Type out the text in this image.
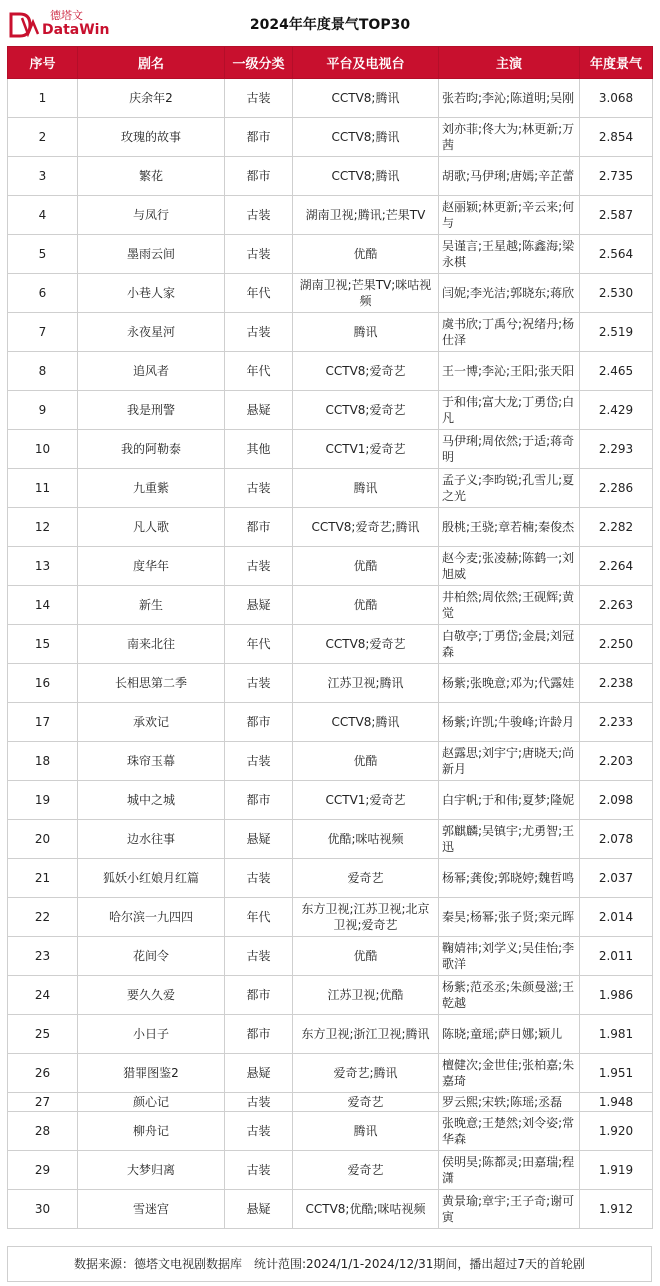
德塔文
DataWin	2024年年度景气TOP30
序号	剧名	一级分类	平台及电视台	主演	年度景气
1	庆余年2	古装	CCTV8;腾讯	张若昀;李沁;陈道明;吴刚	3.068
2	玫瑰的故事	都市	CCTV8;腾讯	刘亦菲;佟大为;林更新;万茜	2.854
3	繁花	都市	CCTV8;腾讯	胡歌;马伊琍;唐嫣;辛芷蕾	2.735
4	与凤行	古装	湖南卫视;腾讯;芒果TV	赵丽颖;林更新;辛云来;何与	2.587
5	墨雨云间	古装	优酷	吴谨言;王星越;陈鑫海;梁永棋	2.564
6	小巷人家	年代	湖南卫视;芒果TV;咪咕视频	闫妮;李光洁;郭晓东;蒋欣	2.530
7	永夜星河	古装	腾讯	虞书欣;丁禹兮;祝绪丹;杨仕泽	2.519
8	追风者	年代	CCTV8;爱奇艺	王一博;李沁;王阳;张天阳	2.465
9	我是刑警	悬疑	CCTV8;爱奇艺	于和伟;富大龙;丁勇岱;白凡	2.429
10	我的阿勒泰	其他	CCTV1;爱奇艺	马伊琍;周依然;于适;蒋奇明	2.293
11	九重紫	古装	腾讯	孟子义;李昀锐;孔雪儿;夏之光	2.286
12	凡人歌	都市	CCTV8;爱奇艺;腾讯	殷桃;王骁;章若楠;秦俊杰	2.282
13	度华年	古装	优酷	赵今麦;张凌赫;陈鹤一;刘旭威	2.264
14	新生	悬疑	优酷	井柏然;周依然;王砚辉;黄觉	2.263
15	南来北往	年代	CCTV8;爱奇艺	白敬亭;丁勇岱;金晨;刘冠森	2.250
16	长相思第二季	古装	江苏卫视;腾讯	杨紫;张晚意;邓为;代露娃	2.238
17	承欢记	都市	CCTV8;腾讯	杨紫;许凯;牛骏峰;许龄月	2.233
18	珠帘玉幕	古装	优酷	赵露思;刘宇宁;唐晓天;尚新月	2.203
19	城中之城	都市	CCTV1;爱奇艺	白宇帆;于和伟;夏梦;隆妮	2.098
20	边水往事	悬疑	优酷;咪咕视频	郭麒麟;吴镇宇;尤勇智;王迅	2.078
21	狐妖小红娘月红篇	古装	爱奇艺	杨幂;龚俊;郭晓婷;魏哲鸣	2.037
22	哈尔滨一九四四	年代	东方卫视;江苏卫视;北京卫视;爱奇艺	秦昊;杨幂;张子贤;栾元晖	2.014
23	花间令	古装	优酷	鞠婧祎;刘学义;吴佳怡;李歌洋	2.011
24	要久久爱	都市	江苏卫视;优酷	杨紫;范丞丞;朱颜曼滋;王乾越	1.986
25	小日子	都市	东方卫视;浙江卫视;腾讯	陈晓;童瑶;萨日娜;颖儿	1.981
26	猎罪图鉴2	悬疑	爱奇艺;腾讯	檀健次;金世佳;张柏嘉;朱嘉琦	1.951
27	颜心记	古装	爱奇艺	罗云熙;宋轶;陈瑶;丞磊	1.948
28	柳舟记	古装	腾讯	张晚意;王楚然;刘令姿;常华森	1.920
29	大梦归离	古装	爱奇艺	侯明昊;陈都灵;田嘉瑞;程潇	1.919
30	雪迷宫	悬疑	CCTV8;优酷;咪咕视频	黄景瑜;章宇;王子奇;谢可寅	1.912
数据来源：德塔文电视剧数据库　统计范围:2024/1/1-2024/12/31期间，播出超过7天的首轮剧
